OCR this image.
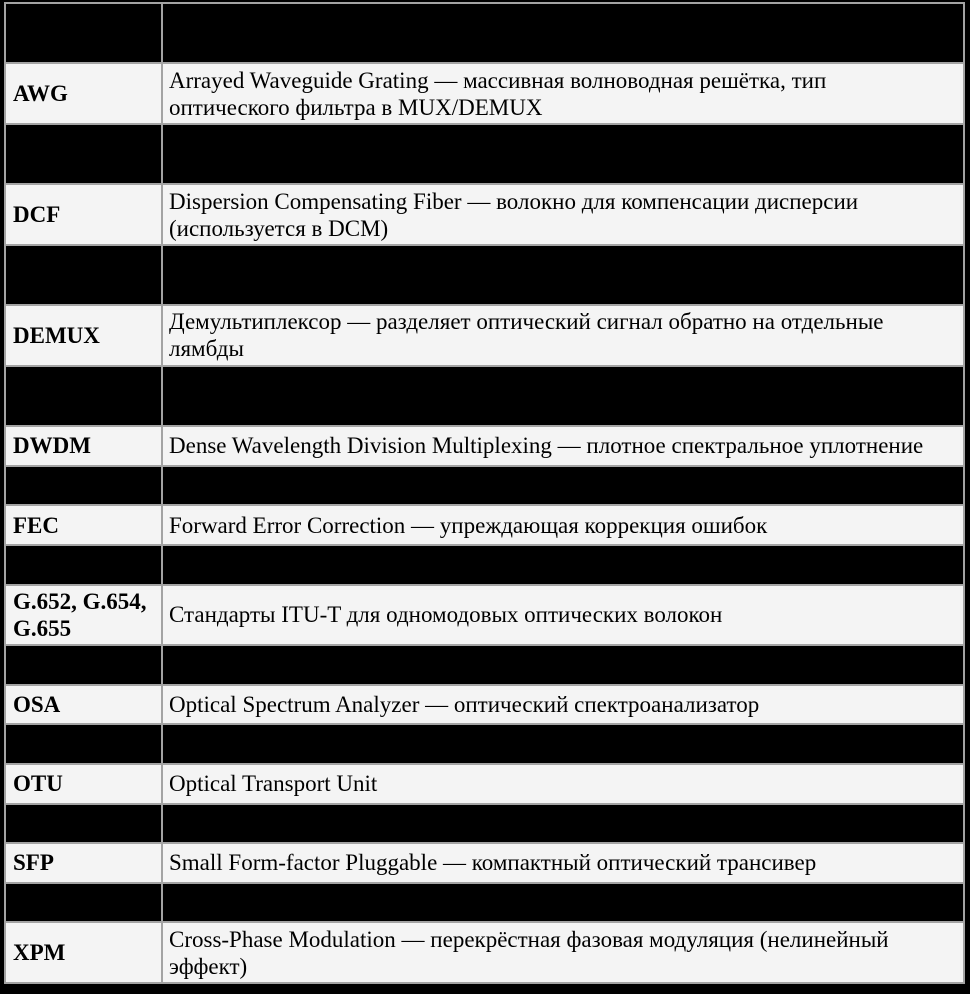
AWG	Arrayed Waveguide Grating — массивная волноводная решётка, тип оптического фильтра в MUX/DEMUX

DCF	Dispersion Compensating Fiber — волокно для компенсации дисперсии (используется в DCM)

DEMUX	Демультиплексор — разделяет оптический сигнал обратно на отдельные лямбды

DWDM	Dense Wavelength Division Multiplexing — плотное спектральное уплотнение

FEC	Forward Error Correction — упреждающая коррекция ошибок

G.652, G.654, G.655	Стандарты ITU-T для одномодовых оптических волокон

OSA	Optical Spectrum Analyzer — оптический спектроанализатор

OTU	Optical Transport Unit

SFP	Small Form-factor Pluggable — компактный оптический трансивер

XPM	Cross-Phase Modulation — перекрёстная фазовая модуляция (нелинейный эффект)
